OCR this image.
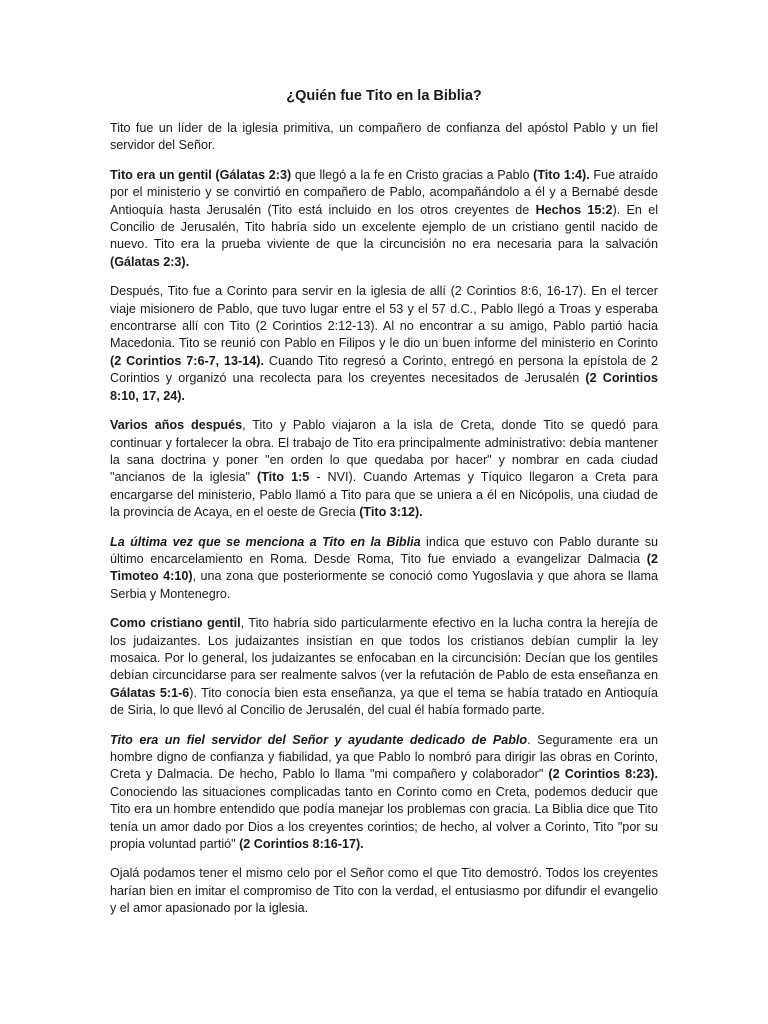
¿Quién fue Tito en la Biblia?

Tito fue un líder de la iglesia primitiva, un compañero de confianza del apóstol Pablo y un fiel servidor del Señor.

Tito era un gentil (Gálatas 2:3) que llegó a la fe en Cristo gracias a Pablo (Tito 1:4). Fue atraído por el ministerio y se convirtió en compañero de Pablo, acompañándolo a él y a Bernabé desde Antioquía hasta Jerusalén (Tito está incluido en los otros creyentes de Hechos 15:2). En el Concilio de Jerusalén, Tito habría sido un excelente ejemplo de un cristiano gentil nacido de nuevo. Tito era la prueba viviente de que la circuncisión no era necesaria para la salvación (Gálatas 2:3).

Después, Tito fue a Corinto para servir en la iglesia de allí (2 Corintios 8:6, 16-17). En el tercer viaje misionero de Pablo, que tuvo lugar entre el 53 y el 57 d.C., Pablo llegó a Troas y esperaba encontrarse allí con Tito (2 Corintios 2:12-13). Al no encontrar a su amigo, Pablo partió hacia Macedonia. Tito se reunió con Pablo en Filipos y le dio un buen informe del ministerio en Corinto (2 Corintios 7:6-7, 13-14). Cuando Tito regresó a Corinto, entregó en persona la epístola de 2 Corintios y organizó una recolecta para los creyentes necesitados de Jerusalén (2 Corintios 8:10, 17, 24).

Varios años después, Tito y Pablo viajaron a la isla de Creta, donde Tito se quedó para continuar y fortalecer la obra. El trabajo de Tito era principalmente administrativo: debía mantener la sana doctrina y poner "en orden lo que quedaba por hacer" y nombrar en cada ciudad "ancianos de la iglesia" (Tito 1:5 - NVI). Cuando Artemas y Tíquico llegaron a Creta para encargarse del ministerio, Pablo llamó a Tito para que se uniera a él en Nicópolis, una ciudad de la provincia de Acaya, en el oeste de Grecia (Tito 3:12).

La última vez que se menciona a Tito en la Biblia indica que estuvo con Pablo durante su último encarcelamiento en Roma. Desde Roma, Tito fue enviado a evangelizar Dalmacia (2 Timoteo 4:10), una zona que posteriormente se conoció como Yugoslavia y que ahora se llama Serbia y Montenegro.

Como cristiano gentil, Tito habría sido particularmente efectivo en la lucha contra la herejía de los judaizantes. Los judaizantes insistían en que todos los cristianos debían cumplir la ley mosaica. Por lo general, los judaizantes se enfocaban en la circuncisión: Decían que los gentiles debían circuncidarse para ser realmente salvos (ver la refutación de Pablo de esta enseñanza en Gálatas 5:1-6). Tito conocía bien esta enseñanza, ya que el tema se había tratado en Antioquía de Siria, lo que llevó al Concilio de Jerusalén, del cual él había formado parte.

Tito era un fiel servidor del Señor y ayudante dedicado de Pablo. Seguramente era un hombre digno de confianza y fiabilidad, ya que Pablo lo nombró para dirigir las obras en Corinto, Creta y Dalmacia. De hecho, Pablo lo llama "mi compañero y colaborador" (2 Corintios 8:23). Conociendo las situaciones complicadas tanto en Corinto como en Creta, podemos deducir que Tito era un hombre entendido que podía manejar los problemas con gracia. La Biblia dice que Tito tenía un amor dado por Dios a los creyentes corintios; de hecho, al volver a Corinto, Tito "por su propia voluntad partió" (2 Corintios 8:16-17).

Ojalá podamos tener el mismo celo por el Señor como el que Tito demostró. Todos los creyentes harían bien en imitar el compromiso de Tito con la verdad, el entusiasmo por difundir el evangelio y el amor apasionado por la iglesia.
